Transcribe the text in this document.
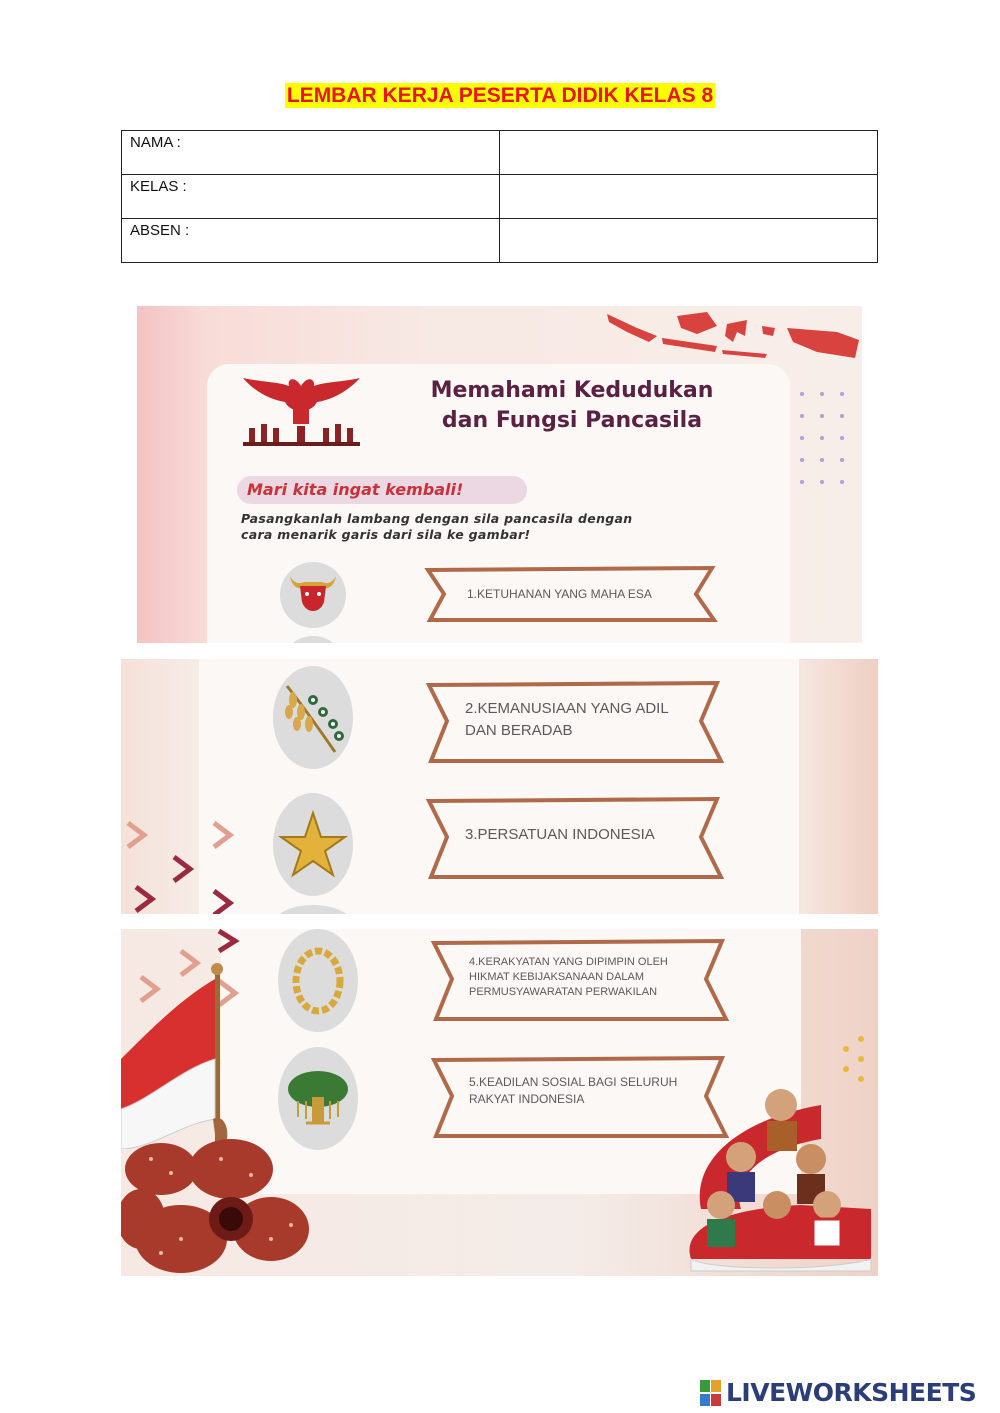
LEMBAR KERJA PESERTA DIDIK KELAS 8
NAMA :	
KELAS :	
ABSEN :	
Memahami Kedudukan
dan Fungsi Pancasila
Mari kita ingat kembali!
Pasangkanlah lambang dengan sila pancasila dengan
cara menarik garis dari sila ke gambar!
1.KETUHANAN YANG MAHA ESA
2.KEMANUSIAAN YANG ADIL
DAN BERADAB
3.PERSATUAN INDONESIA
4.KERAKYATAN YANG DIPIMPIN OLEH
HIKMAT KEBIJAKSANAAN DALAM
PERMUSYAWARATAN PERWAKILAN
5.KEADILAN SOSIAL BAGI SELURUH
RAKYAT INDONESIA
LIVEWORKSHEETS
